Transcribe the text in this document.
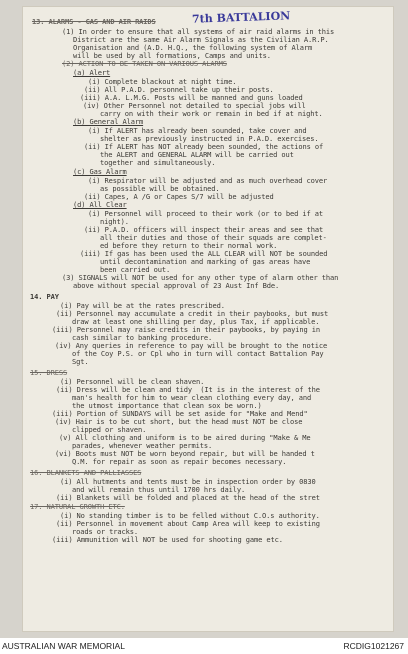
7th BATTALION
13. ALARMS - GAS AND AIR RAIDS
(1) In order to ensure that all systems of air raid alarms in this
District are the same Air Alarm Signals as the Civilian A.R.P.
Organisation and (A.D. H.Q., the following system of Alarm
will be used by all formations, Camps and units.
(2) ACTION TO BE TAKEN ON VARIOUS ALARMS
(a) Alert
(i) Complete blackout at night time.
(ii) All P.A.D. personnel take up their posts.
(iii) A.A. L.M.G. Posts will be manned and guns loaded
(iv) Other Personnel not detailed to special jobs will
carry on with their work or remain in bed if at night.
(b) General Alarm
(i) If ALERT has already been sounded, take cover and
shelter as previously instructed in P.A.D. exercises.
(ii) If ALERT has NOT already been sounded, the actions of
the ALERT and GENERAL ALARM will be carried out
together and simultaneously.
(c) Gas Alarm
(i) Respirator will be adjusted and as much overhead cover
as possible will be obtained.
(ii) Capes, A /G or Capes S/7 will be adjusted
(d) All Clear
(i) Personnel will proceed to their work (or to bed if at
night).
(ii) P.A.D. officers will inspect their areas and see that
all their duties and those of their squads are complet-
ed before they return to their normal work.
(iii) If gas has been used the ALL CLEAR will NOT be sounded
until decontamination and marking of gas areas have
been carried out.
(3) SIGNALS will NOT be used for any other type of alarm other than
above without special approval of 23 Aust Inf Bde.
14. PAY
(i) Pay will be at the rates prescribed.
(ii) Personnel may accumulate a credit in their paybooks, but must
draw at least one shilling per day, plus Tax, if applicable.
(iii) Personnel may raise credits in their paybooks, by paying in
cash similar to banking procedure.
(iv) Any queries in reference to pay will be brought to the notice
of the Coy P.S. or Cpl who in turn will contact Battalion Pay
Sgt.
15. DRESS
(i) Personnel will be clean shaven.
(ii) Dress will be clean and tidy  (It is in the interest of the
man's health for him to wear clean clothing every day, and
the utmost importance that clean sox be worn.)
(iii) Portion of SUNDAYS will be set aside for "Make and Mend"
(iv) Hair is to be cut short, but the head must NOT be close
clipped or shaven.
(v) All clothing and uniform is to be aired during "Make & Me
parades, whenever weather permits.
(vi) Boots must NOT be worn beyond repair, but will be handed t
Q.M. for repair as soon as repair becomes necessary.
16. BLANKETS AND PALLIASSES
(i) All hutments and tents must be in inspection order by 0830
and will remain thus until 1700 hrs daily.
(ii) Blankets will be folded and placed at the head of the stret
17. NATURAL GROWTH ETC.
(i) No standing timber is to be felled without C.O.s authority.
(ii) Personnel in movement about Camp Area will keep to existing
roads or tracks.
(iii) Ammunition will NOT be used for shooting game etc.
AUSTRALIAN WAR MEMORIAL	RCDIG1021267
